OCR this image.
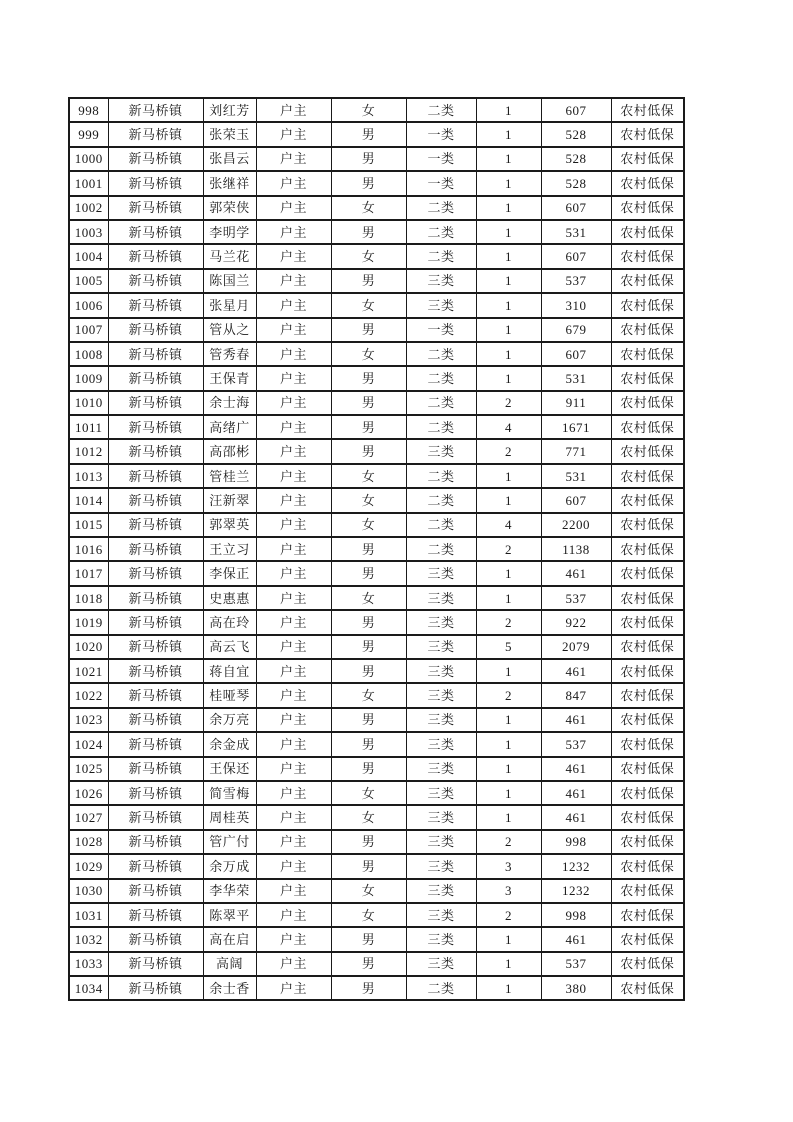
998	新马桥镇	刘红芳	户主	女	二类	1	607	农村低保
999	新马桥镇	张荣玉	户主	男	一类	1	528	农村低保
1000	新马桥镇	张昌云	户主	男	一类	1	528	农村低保
1001	新马桥镇	张继祥	户主	男	一类	1	528	农村低保
1002	新马桥镇	郭荣侠	户主	女	二类	1	607	农村低保
1003	新马桥镇	李明学	户主	男	二类	1	531	农村低保
1004	新马桥镇	马兰花	户主	女	二类	1	607	农村低保
1005	新马桥镇	陈国兰	户主	男	三类	1	537	农村低保
1006	新马桥镇	张星月	户主	女	三类	1	310	农村低保
1007	新马桥镇	管从之	户主	男	一类	1	679	农村低保
1008	新马桥镇	管秀春	户主	女	二类	1	607	农村低保
1009	新马桥镇	王保青	户主	男	二类	1	531	农村低保
1010	新马桥镇	余士海	户主	男	二类	2	911	农村低保
1011	新马桥镇	高绪广	户主	男	二类	4	1671	农村低保
1012	新马桥镇	高邵彬	户主	男	三类	2	771	农村低保
1013	新马桥镇	管桂兰	户主	女	二类	1	531	农村低保
1014	新马桥镇	汪新翠	户主	女	二类	1	607	农村低保
1015	新马桥镇	郭翠英	户主	女	二类	4	2200	农村低保
1016	新马桥镇	王立习	户主	男	二类	2	1138	农村低保
1017	新马桥镇	李保正	户主	男	三类	1	461	农村低保
1018	新马桥镇	史惠惠	户主	女	三类	1	537	农村低保
1019	新马桥镇	高在玲	户主	男	三类	2	922	农村低保
1020	新马桥镇	高云飞	户主	男	三类	5	2079	农村低保
1021	新马桥镇	蒋自宜	户主	男	三类	1	461	农村低保
1022	新马桥镇	桂哑琴	户主	女	三类	2	847	农村低保
1023	新马桥镇	余万亮	户主	男	三类	1	461	农村低保
1024	新马桥镇	余金成	户主	男	三类	1	537	农村低保
1025	新马桥镇	王保还	户主	男	三类	1	461	农村低保
1026	新马桥镇	简雪梅	户主	女	三类	1	461	农村低保
1027	新马桥镇	周桂英	户主	女	三类	1	461	农村低保
1028	新马桥镇	管广付	户主	男	三类	2	998	农村低保
1029	新马桥镇	余万成	户主	男	三类	3	1232	农村低保
1030	新马桥镇	李华荣	户主	女	三类	3	1232	农村低保
1031	新马桥镇	陈翠平	户主	女	三类	2	998	农村低保
1032	新马桥镇	高在启	户主	男	三类	1	461	农村低保
1033	新马桥镇	高阔	户主	男	三类	1	537	农村低保
1034	新马桥镇	余士香	户主	男	二类	1	380	农村低保
